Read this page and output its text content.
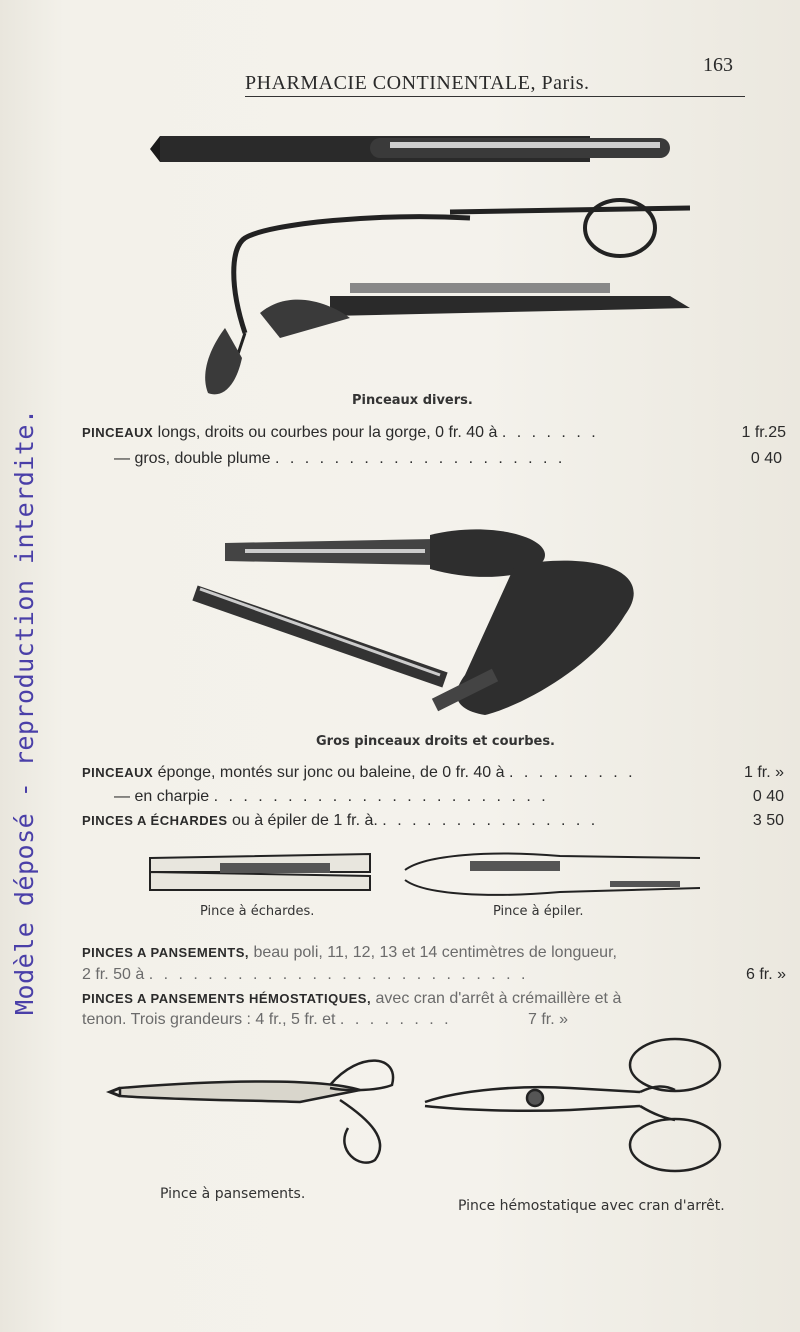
Modèle déposé - reproduction interdite.
PHARMACIE CONTINENTALE, Paris.
163
Pinceaux divers.
PINCEAUX longs, droits ou courbes pour la gorge, 0 fr. 40 à . . . . . . .	1 fr.25
— gros, double plume . . . . . . . . . . . . . . . . . . . .	0 40
Gros pinceaux droits et courbes.
PINCEAUX éponge, montés sur jonc ou baleine, de 0 fr. 40 à . . . . . . . . .	1 fr. »
— en charpie . . . . . . . . . . . . . . . . . . . . . . .	0 40
PINCES A ÉCHARDES ou à épiler de 1 fr. à. . . . . . . . . . . . . . . .	3 50
Pince à échardes.	Pince à épiler.
PINCES A PANSEMENTS, beau poli, 11, 12, 13 et 14 centimètres de longueur,
2 fr. 50 à . . . . . . . . . . . . . . . . . . . . . . . . . .	6 fr. »
PINCES A PANSEMENTS HÉMOSTATIQUES, avec cran d'arrêt à crémaillère et à
tenon. Trois grandeurs : 4 fr., 5 fr. et . . . . . . . .	7 fr. »
Pince à pansements.
Pince hémostatique avec cran d'arrêt.
